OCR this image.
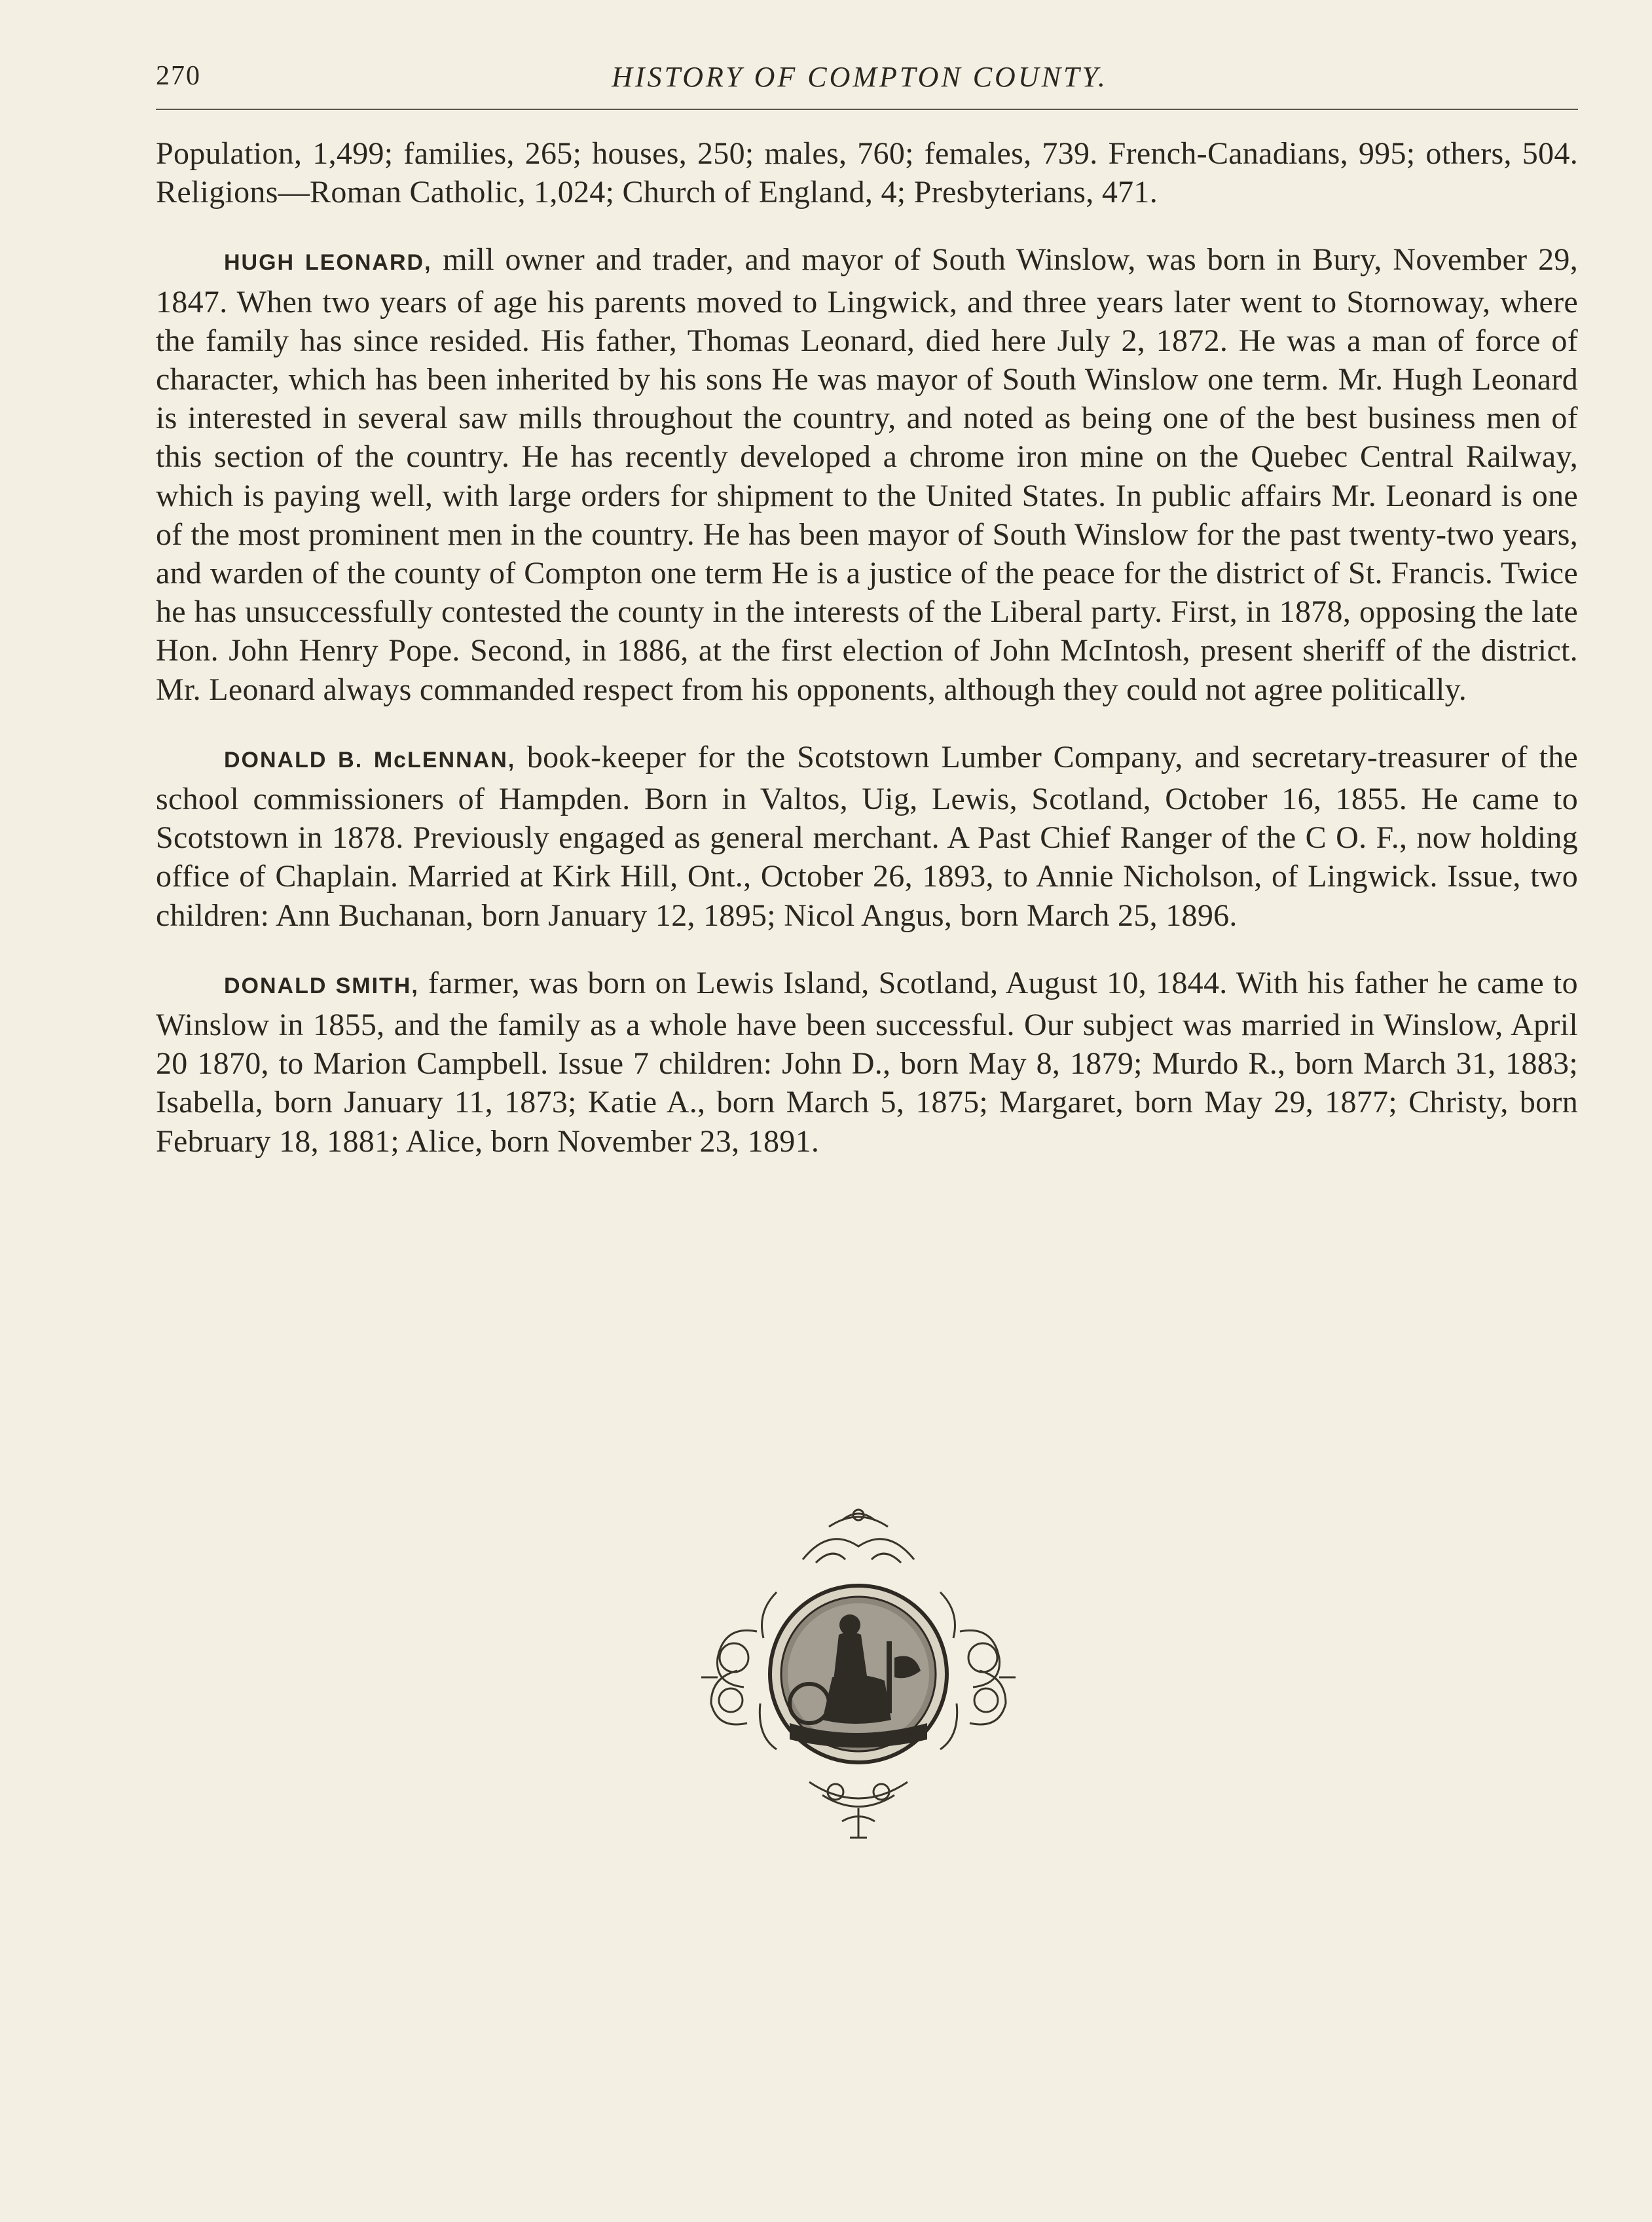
270	HISTORY OF COMPTON COUNTY.

Population, 1,499; families, 265; houses, 250; males, 760; females, 739. French-Canadians, 995; others, 504. Religions—Roman Catholic, 1,024; Church of England, 4; Presbyterians, 471.

HUGH LEONARD, mill owner and trader, and mayor of South Winslow, was born in Bury, November 29, 1847. When two years of age his parents moved to Lingwick, and three years later went to Stornoway, where the family has since resided. His father, Thomas Leonard, died here July 2, 1872. He was a man of force of character, which has been inherited by his sons He was mayor of South Winslow one term. Mr. Hugh Leonard is interested in several saw mills throughout the country, and noted as being one of the best business men of this section of the country. He has recently developed a chrome iron mine on the Quebec Central Railway, which is paying well, with large orders for shipment to the United States. In public affairs Mr. Leonard is one of the most prominent men in the country. He has been mayor of South Winslow for the past twenty-two years, and warden of the county of Compton one term He is a justice of the peace for the district of St. Francis. Twice he has unsuccessfully contested the county in the interests of the Liberal party. First, in 1878, opposing the late Hon. John Henry Pope. Second, in 1886, at the first election of John McIntosh, present sheriff of the district. Mr. Leonard always commanded respect from his opponents, although they could not agree politically.

DONALD B. McLENNAN, book-keeper for the Scotstown Lumber Company, and secretary-treasurer of the school commissioners of Hampden. Born in Valtos, Uig, Lewis, Scotland, October 16, 1855. He came to Scotstown in 1878. Previously engaged as general merchant. A Past Chief Ranger of the C O. F., now holding office of Chaplain. Married at Kirk Hill, Ont., October 26, 1893, to Annie Nicholson, of Lingwick. Issue, two children: Ann Buchanan, born January 12, 1895; Nicol Angus, born March 25, 1896.

DONALD SMITH, farmer, was born on Lewis Island, Scotland, August 10, 1844. With his father he came to Winslow in 1855, and the family as a whole have been successful. Our subject was married in Winslow, April 20 1870, to Marion Campbell. Issue 7 children: John D., born May 8, 1879; Murdo R., born March 31, 1883; Isabella, born January 11, 1873; Katie A., born March 5, 1875; Margaret, born May 29, 1877; Christy, born February 18, 1881; Alice, born November 23, 1891.
